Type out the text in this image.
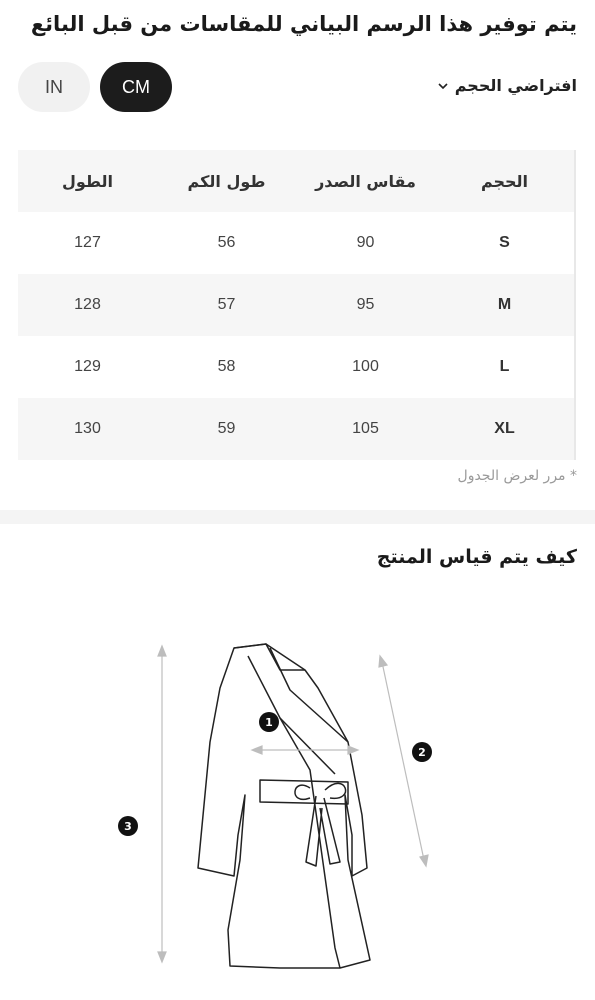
يتم توفير هذا الرسم البياني للمقاسات من قبل البائع
IN	CM	افتراضي الحجم
الطول	طول الكم	مقاس الصدر	الحجم
127	56	90	S
128	57	95	M
129	58	100	L
130	59	105	XL
* مرر لعرض الجدول
كيف يتم قياس المنتج
1
2
3
